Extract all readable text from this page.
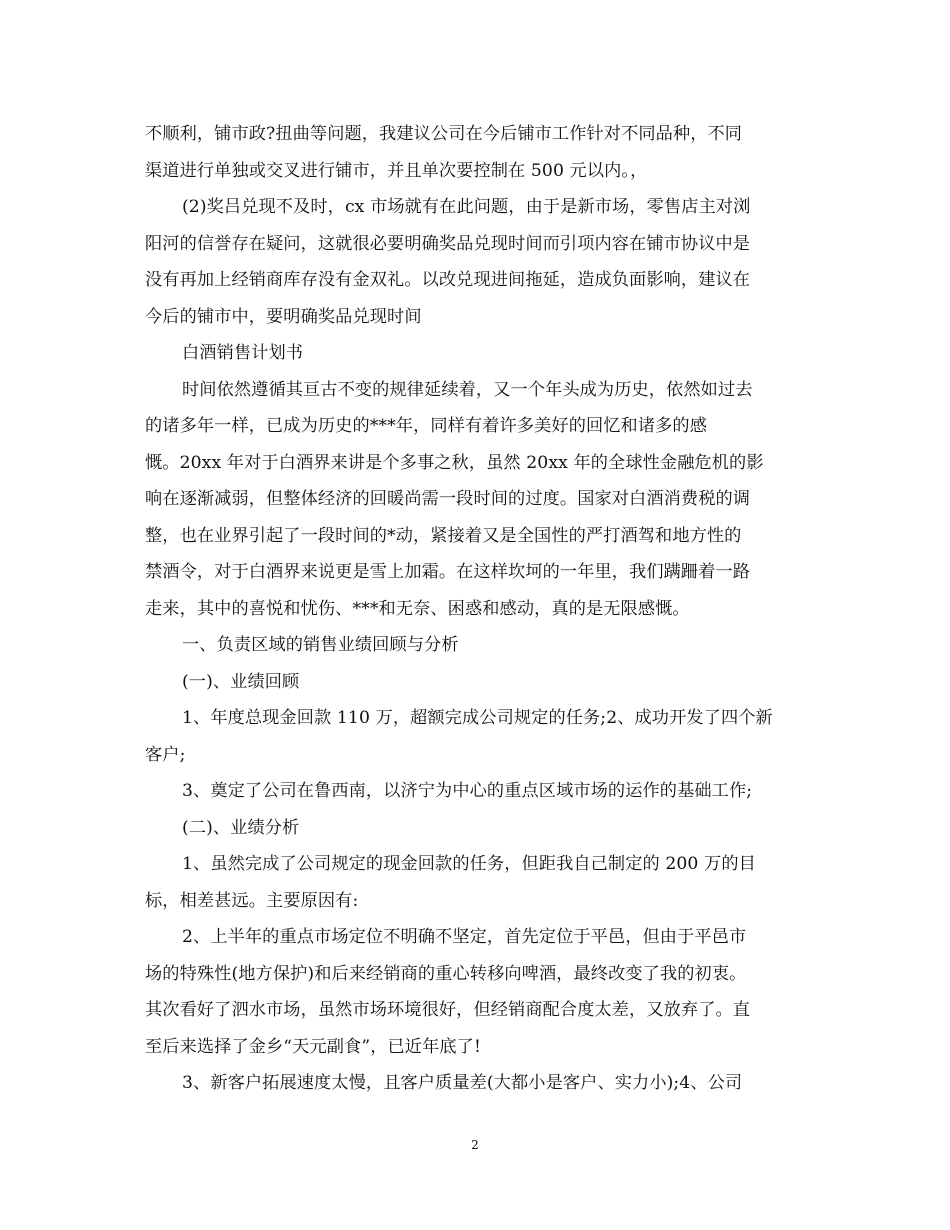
不顺利，铺市政?扭曲等问题，我建议公司在今后铺市工作针对不同品种，不同
渠道进行单独或交叉进行铺市，并且单次要控制在 500 元以内。，
(2)奖吕兑现不及时，cx 市场就有在此问题，由于是新市场，零售店主对浏
阳河的信誉存在疑问，这就很必要明确奖品兑现时间而引项内容在铺市协议中是
没有再加上经销商库存没有金双礼。以改兑现进间拖延，造成负面影响，建议在
今后的铺市中，要明确奖品兑现时间
白酒销售计划书
时间依然遵循其亘古不变的规律延续着，又一个年头成为历史，依然如过去
的诸多年一样，已成为历史的***年，同样有着许多美好的回忆和诸多的感
慨。20xx 年对于白酒界来讲是个多事之秋，虽然 20xx 年的全球性金融危机的影
响在逐渐减弱，但整体经济的回暖尚需一段时间的过度。国家对白酒消费税的调
整，也在业界引起了一段时间的*动，紧接着又是全国性的严打酒驾和地方性的
禁酒令，对于白酒界来说更是雪上加霜。在这样坎坷的一年里，我们蹒跚着一路
走来，其中的喜悦和忧伤、***和无奈、困惑和感动，真的是无限感慨。
一、负责区域的销售业绩回顾与分析
(一)、业绩回顾
1、年度总现金回款 110 万，超额完成公司规定的任务;2、成功开发了四个新
客户;
3、奠定了公司在鲁西南，以济宁为中心的重点区域市场的运作的基础工作;
(二)、业绩分析
1、虽然完成了公司规定的现金回款的任务，但距我自己制定的 200 万的目
标，相差甚远。主要原因有:
2、上半年的重点市场定位不明确不坚定，首先定位于平邑，但由于平邑市
场的特殊性(地方保护)和后来经销商的重心转移向啤酒，最终改变了我的初衷。
其次看好了泗水市场，虽然市场环境很好，但经销商配合度太差，又放弃了。直
至后来选择了金乡“天元副食”，已近年底了!
3、新客户拓展速度太慢，且客户质量差(大都小是客户、实力小);4、公司
2
